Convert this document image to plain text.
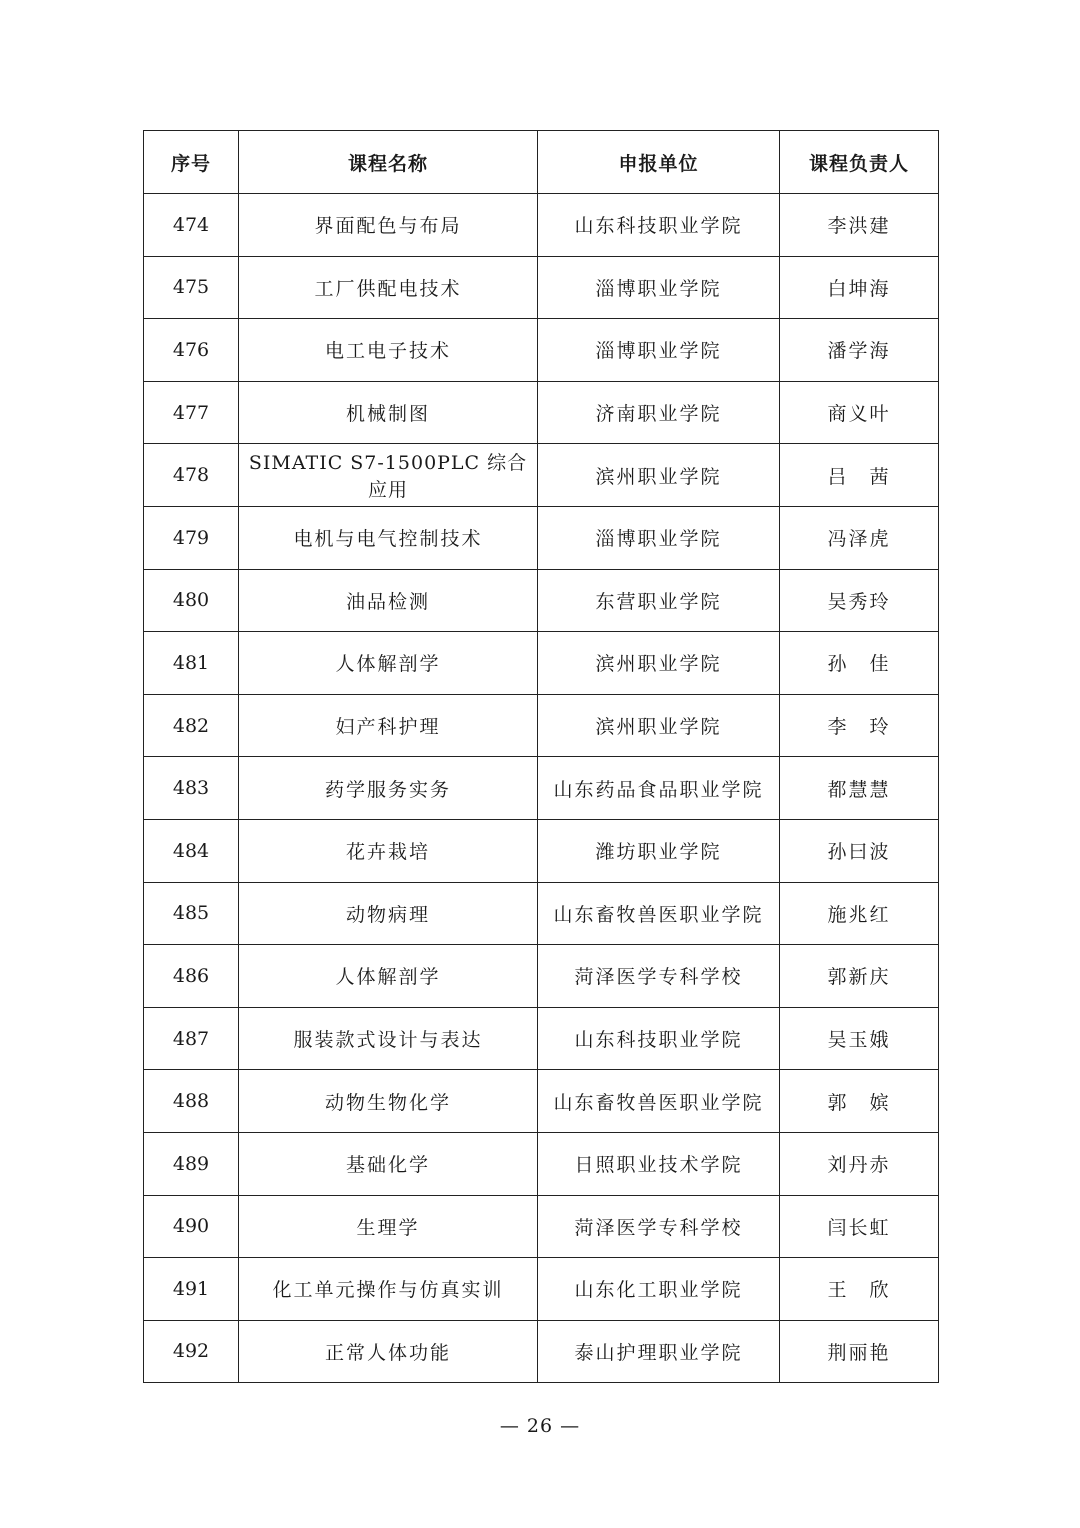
序号	课程名称	申报单位	课程负责人
474	界面配色与布局	山东科技职业学院	李洪建
475	工厂供配电技术	淄博职业学院	白坤海
476	电工电子技术	淄博职业学院	潘学海
477	机械制图	济南职业学院	商义叶
478	SIMATIC S7-1500PLC 综合应用	滨州职业学院	吕　茜
479	电机与电气控制技术	淄博职业学院	冯泽虎
480	油品检测	东营职业学院	吴秀玲
481	人体解剖学	滨州职业学院	孙　佳
482	妇产科护理	滨州职业学院	李　玲
483	药学服务实务	山东药品食品职业学院	都慧慧
484	花卉栽培	潍坊职业学院	孙曰波
485	动物病理	山东畜牧兽医职业学院	施兆红
486	人体解剖学	菏泽医学专科学校	郭新庆
487	服装款式设计与表达	山东科技职业学院	吴玉娥
488	动物生物化学	山东畜牧兽医职业学院	郭　嫔
489	基础化学	日照职业技术学院	刘丹赤
490	生理学	菏泽医学专科学校	闫长虹
491	化工单元操作与仿真实训	山东化工职业学院	王　欣
492	正常人体功能	泰山护理职业学院	荆丽艳
— 26 —
